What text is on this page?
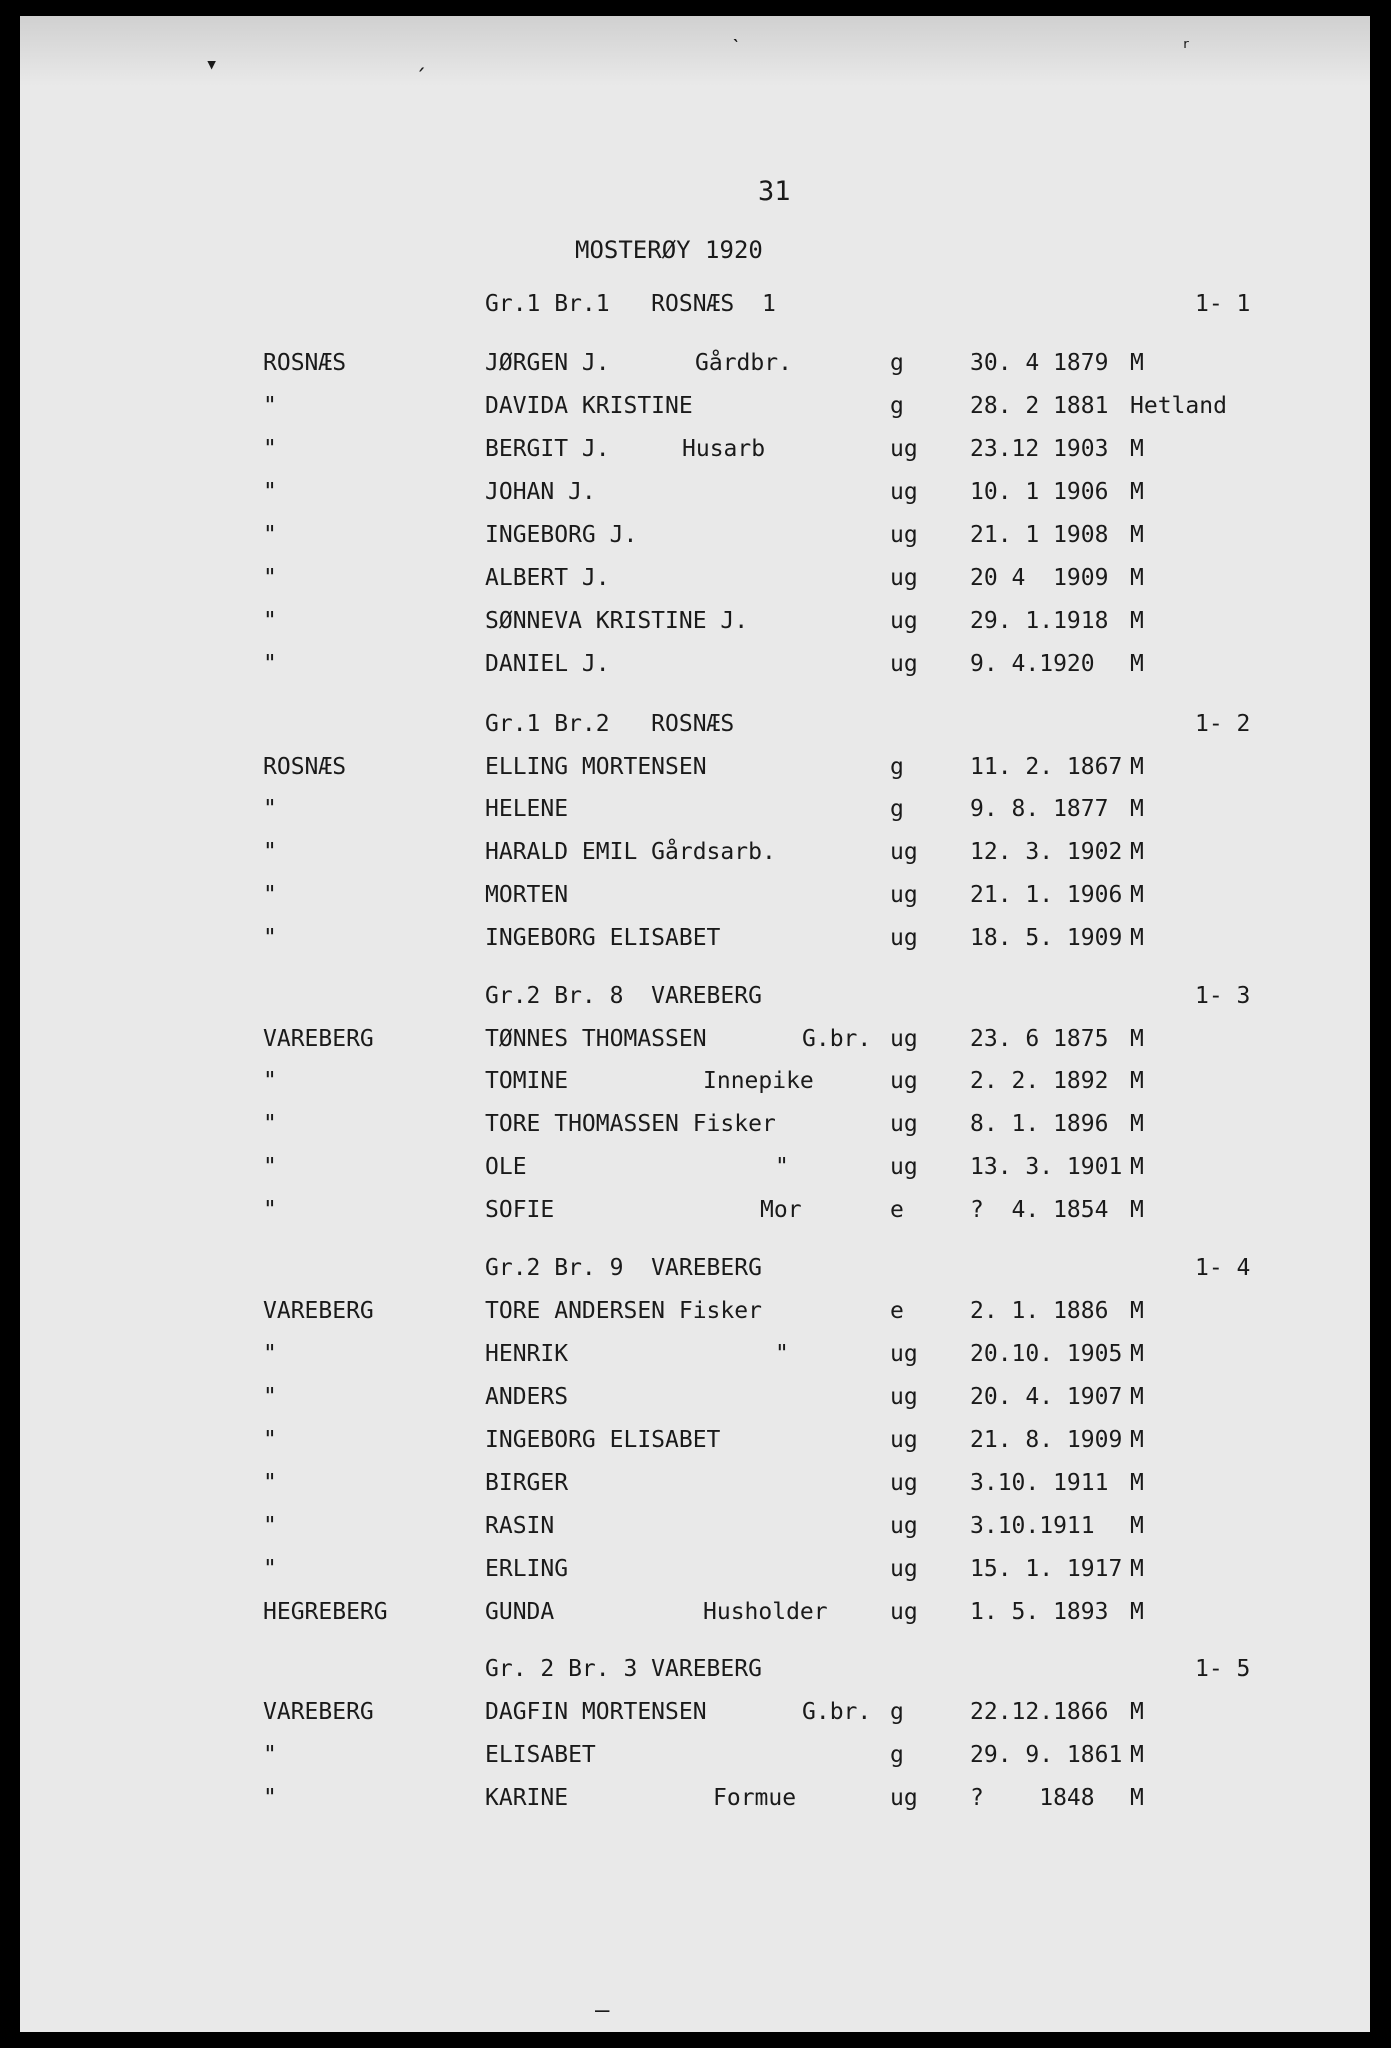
▾	ˏ	ˋ	ʳ
31
MOSTERØY 1920
Gr.1 Br.1   ROSNÆS  1	1- 1
ROSNÆS	JØRGEN J.	Gårdbr.	g	30. 4 1879 M
"	DAVIDA KRISTINE	g	28. 2 1881 Hetland
"	BERGIT J.	Husarb	ug 23.12 1903 M
"	JOHAN J.	ug 10. 1 1906 M
"	INGEBORG J.	ug 21. 1 1908 M
"	ALBERT J.	ug 20 4  1909 M
"	SØNNEVA KRISTINE J.	ug 29. 1.1918 M
"	DANIEL J.	ug 9. 4.1920 M
Gr.1 Br.2   ROSNÆS	1- 2
ROSNÆS	ELLING MORTENSEN	g	11. 2. 1867 M
"	HELENE	g	9. 8. 1877 M
"	HARALD EMIL Gårdsarb.	ug 12. 3. 1902 M
"	MORTEN	ug 21. 1. 1906 M
"	INGEBORG ELISABET	ug 18. 5. 1909 M
Gr.2 Br. 8  VAREBERG	1- 3
VAREBERG	TØNNES THOMASSEN	G.br. ug 23. 6 1875 M
"	TOMINE	Innepike	ug 2. 2. 1892 M
"	TORE THOMASSEN Fisker	ug 8. 1. 1896 M
"	OLE	"	ug 13. 3. 1901 M
"	SOFIE	Mor	e	?  4. 1854 M
Gr.2 Br. 9  VAREBERG	1- 4
VAREBERG	TORE ANDERSEN Fisker	e	2. 1. 1886 M
"	HENRIK	"	ug 20.10. 1905 M
"	ANDERS	ug 20. 4. 1907 M
"	INGEBORG ELISABET	ug 21. 8. 1909 M
"	BIRGER	ug 3.10. 1911 M
"	RASIN	ug 3.10.1911 M
"	ERLING	ug 15. 1. 1917 M
HEGREBERG	GUNDA	Husholder	ug 1. 5. 1893 M
Gr. 2 Br. 3 VAREBERG	1- 5
VAREBERG	DAGFIN MORTENSEN	G.br. g	22.12.1866 M
"	ELISABET	g	29. 9. 1861 M
"	KARINE	Formue	ug ?    1848 M
—
